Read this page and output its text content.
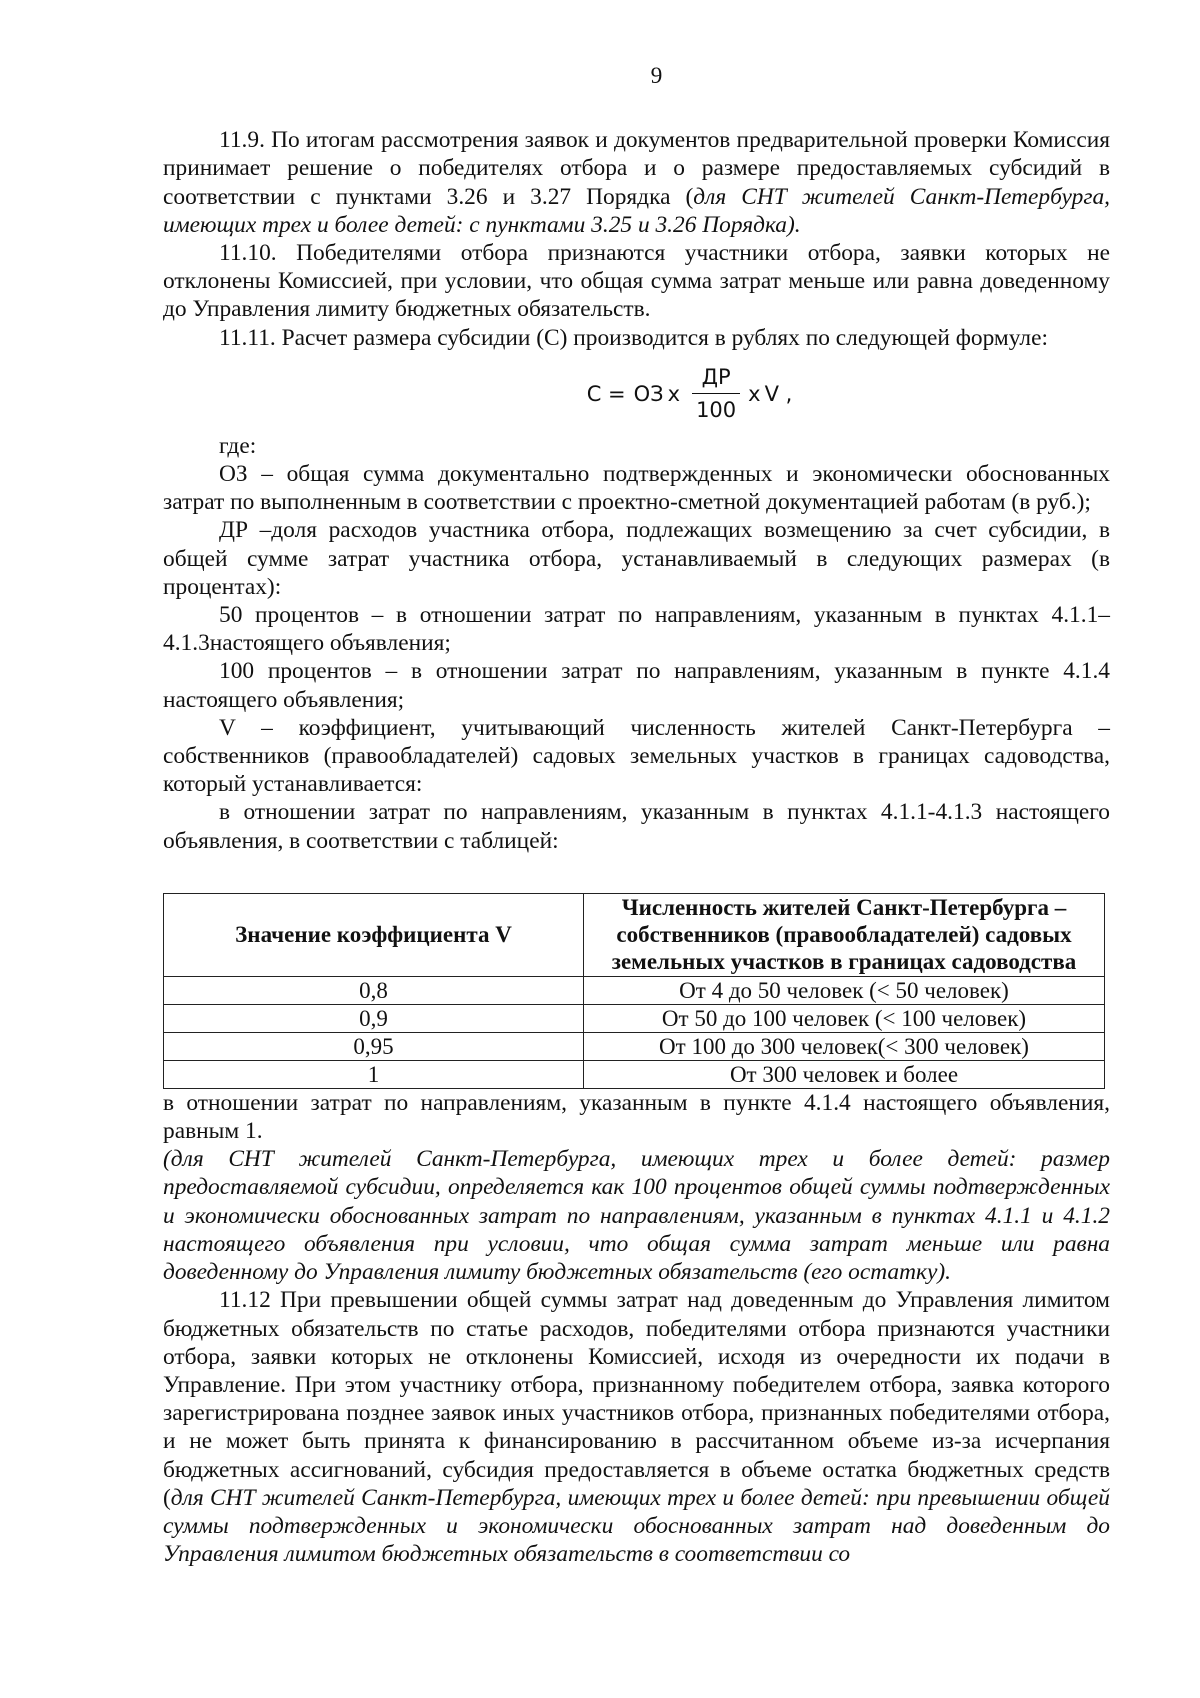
9

11.9. По итогам рассмотрения заявок и документов предварительной проверки Комиссия принимает решение о победителях отбора и о размере предоставляемых субсидий в соответствии с пунктами 3.26 и 3.27 Порядка (для СНТ жителей Санкт-Петербурга, имеющих трех и более детей: с пунктами 3.25 и 3.26 Порядка).

11.10. Победителями отбора признаются участники отбора, заявки которых не отклонены Комиссией, при условии, что общая сумма затрат меньше или равна доведенному до Управления лимиту бюджетных обязательств.

11.11. Расчет размера субсидии (С) производится в рублях по следующей формуле:

С = ОЗ x $\frac{ДР}{100}$ x V ,

где:

ОЗ – общая сумма документально подтвержденных и экономически обоснованных затрат по выполненным в соответствии с проектно-сметной документацией работам (в руб.);

ДР –доля расходов участника отбора, подлежащих возмещению за счет субсидии, в общей сумме затрат участника отбора, устанавливаемый в следующих размерах (в процентах):

50 процентов – в отношении затрат по направлениям, указанным в пунктах 4.1.1–4.1.3настоящего объявления;

100 процентов – в отношении затрат по направлениям, указанным в пункте 4.1.4 настоящего объявления;

V – коэффициент, учитывающий численность жителей Санкт-Петербурга – собственников (правообладателей) садовых земельных участков в границах садоводства, который устанавливается:

в отношении затрат по направлениям, указанным в пунктах 4.1.1-4.1.3 настоящего объявления, в соответствии с таблицей:

Значение коэффициента V	Численность жителей Санкт-Петербурга – собственников (правообладателей) садовых земельных участков в границах садоводства
0,8	От 4 до 50 человек (< 50 человек)
0,9	От 50 до 100 человек (< 100 человек)
0,95	От 100 до 300 человек(< 300 человек)
1	От 300 человек и более

в отношении затрат по направлениям, указанным в пункте 4.1.4 настоящего объявления, равным 1.

(для СНТ жителей Санкт-Петербурга, имеющих трех и более детей: размер предоставляемой субсидии, определяется как 100 процентов общей суммы подтвержденных и экономически обоснованных затрат по направлениям, указанным в пунктах 4.1.1 и 4.1.2 настоящего объявления при условии, что общая сумма затрат меньше или равна доведенному до Управления лимиту бюджетных обязательств (его остатку).

11.12 При превышении общей суммы затрат над доведенным до Управления лимитом бюджетных обязательств по статье расходов, победителями отбора признаются участники отбора, заявки которых не отклонены Комиссией, исходя из очередности их подачи в Управление. При этом участнику отбора, признанному победителем отбора, заявка которого зарегистрирована позднее заявок иных участников отбора, признанных победителями отбора, и не может быть принята к финансированию в рассчитанном объеме из-за исчерпания бюджетных ассигнований, субсидия предоставляется в объеме остатка бюджетных средств (для СНТ жителей Санкт-Петербурга, имеющих трех и более детей: при превышении общей суммы подтвержденных и экономически обоснованных затрат над доведенным до Управления лимитом бюджетных обязательств в соответствии со
